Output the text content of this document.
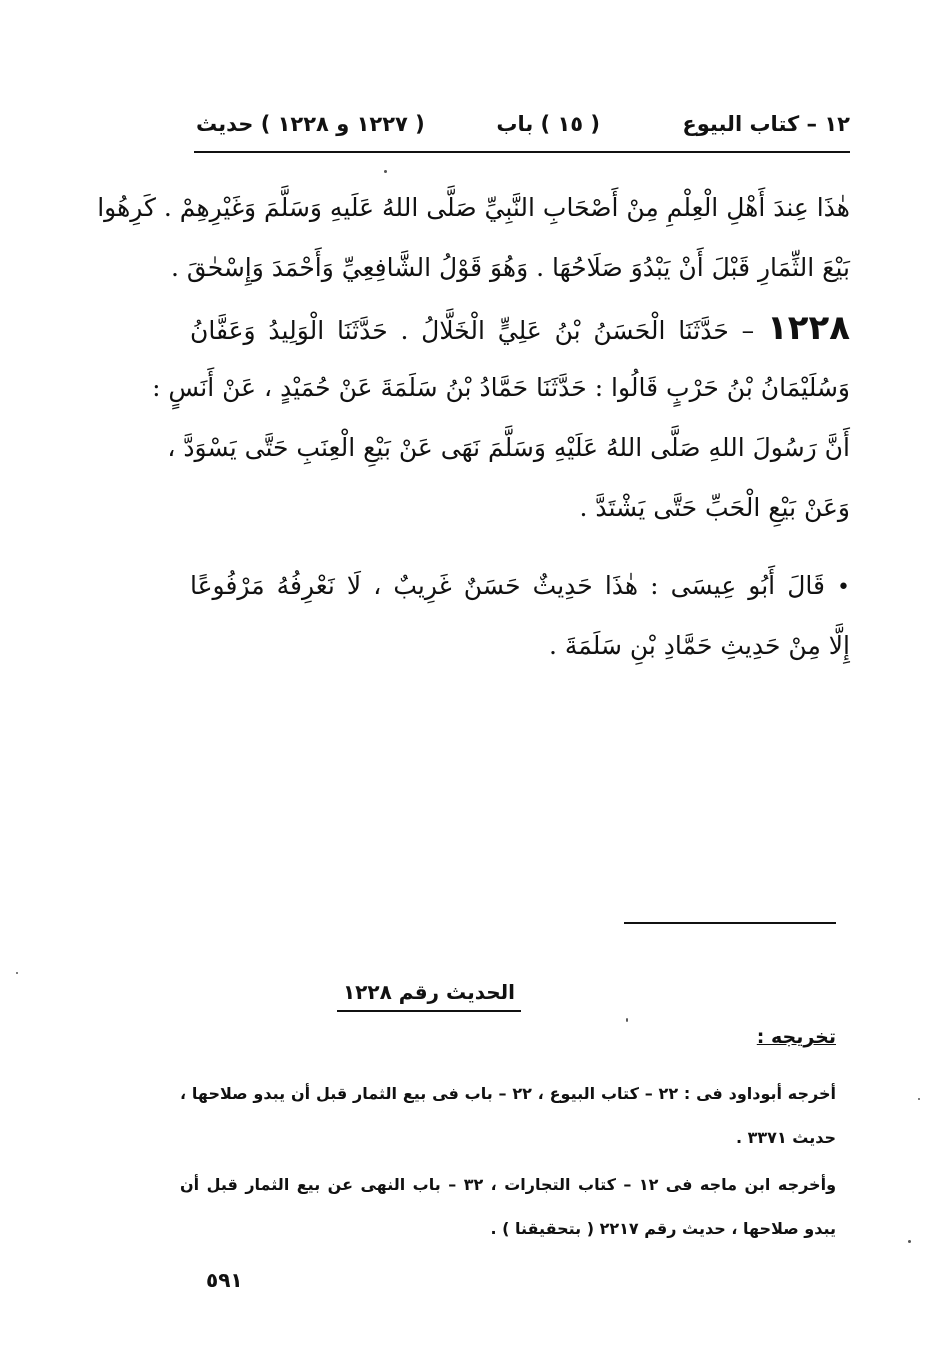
١٢ – كتاب البيوع
( ١٥ ) باب
( ١٢٢٧ و ١٢٢٨ ) حديث
هٰذَا عِندَ أَهْلِ الْعِلْمِ مِنْ أَصْحَابِ النَّبِيِّ صَلَّى اللهُ عَلَيهِ وَسَلَّمَ وَغَيْرِهِمْ . كَرِهُوا
بَيْعَ الثِّمَارِ قَبْلَ أَنْ يَبْدُوَ صَلَاحُهَا . وَهُوَ قَوْلُ الشَّافِعِيِّ وَأَحْمَدَ وَإِسْحٰقَ .
١٢٢٨ – حَدَّثَنَا الْحَسَنُ بْنُ عَلِيٍّ الْخَلَّالُ . حَدَّثَنَا الْوَلِيدُ وَعَفَّانُ
وَسُلَيْمَانُ بْنُ حَرْبٍ قَالُوا : حَدَّثَنَا حَمَّادُ بْنُ سَلَمَةَ عَنْ حُمَيْدٍ ، عَنْ أَنَسٍ :
أَنَّ رَسُولَ اللهِ صَلَّى اللهُ عَلَيْهِ وَسَلَّمَ نَهَى عَنْ بَيْعِ الْعِنَبِ حَتَّى يَسْوَدَّ ،
وَعَنْ بَيْعِ الْحَبِّ حَتَّى يَشْتَدَّ .
• قَالَ أَبُو عِيسَى : هٰذَا حَدِيثٌ حَسَنٌ غَرِيبٌ ، لَا نَعْرِفُهُ مَرْفُوعًا
إِلَّا مِنْ حَدِيثِ حَمَّادِ بْنِ سَلَمَةَ .
الحديث رقم ١٢٢٨
تخريجه :
أخرجه أبوداود فى : ٢٢ – كتاب البيوع ، ٢٢ – باب فى بيع الثمار قبل أن يبدو صلاحها ،
حديث ٣٣٧١ .
وأخرجه ابن ماجه فى ١٢ – كتاب التجارات ، ٣٢ – باب النهى عن بيع الثمار قبل أن
يبدو صلاحها ، حديث رقم ٢٢١٧ ( بتحقيقنا ) .
٥٩١
